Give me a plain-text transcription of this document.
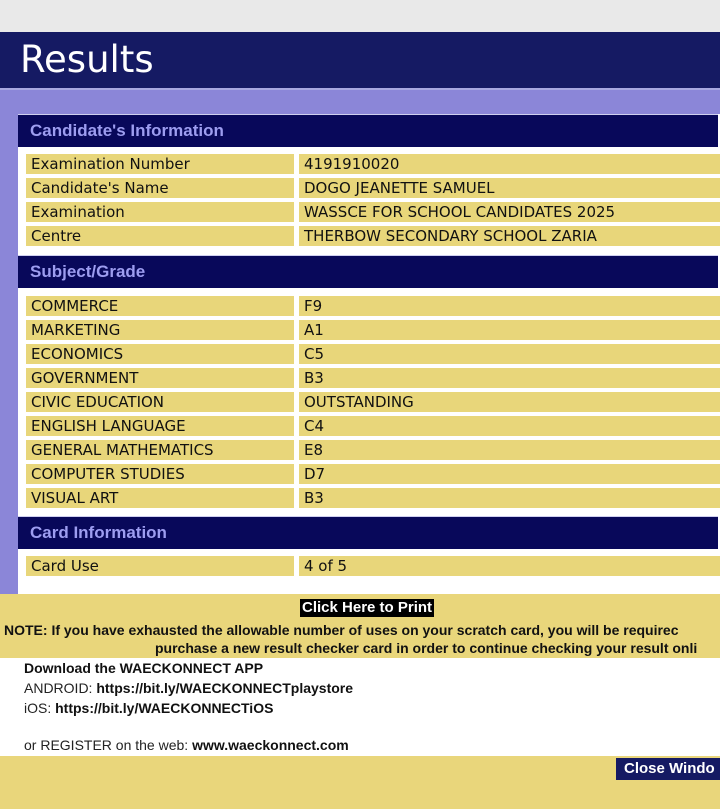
Results
Candidate's Information
Examination Number	4191910020
Candidate's Name	DOGO JEANETTE SAMUEL
Examination	WASSCE FOR SCHOOL CANDIDATES 2025
Centre	THERBOW SECONDARY SCHOOL ZARIA
Subject/Grade
COMMERCE	F9
MARKETING	A1
ECONOMICS	C5
GOVERNMENT	B3
CIVIC EDUCATION	OUTSTANDING
ENGLISH LANGUAGE	C4
GENERAL MATHEMATICS	E8
COMPUTER STUDIES	D7
VISUAL ART	B3
Card Information
Card Use	4 of 5
Click Here to Print
NOTE: If you have exhausted the allowable number of uses on your scratch card, you will be requirec
purchase a new result checker card in order to continue checking your result onli
Download the WAECKONNECT APP
ANDROID: https://bit.ly/WAECKONNECTplaystore
iOS: https://bit.ly/WAECKONNECTiOS
or REGISTER on the web: www.waeckonnect.com
Close Windo
